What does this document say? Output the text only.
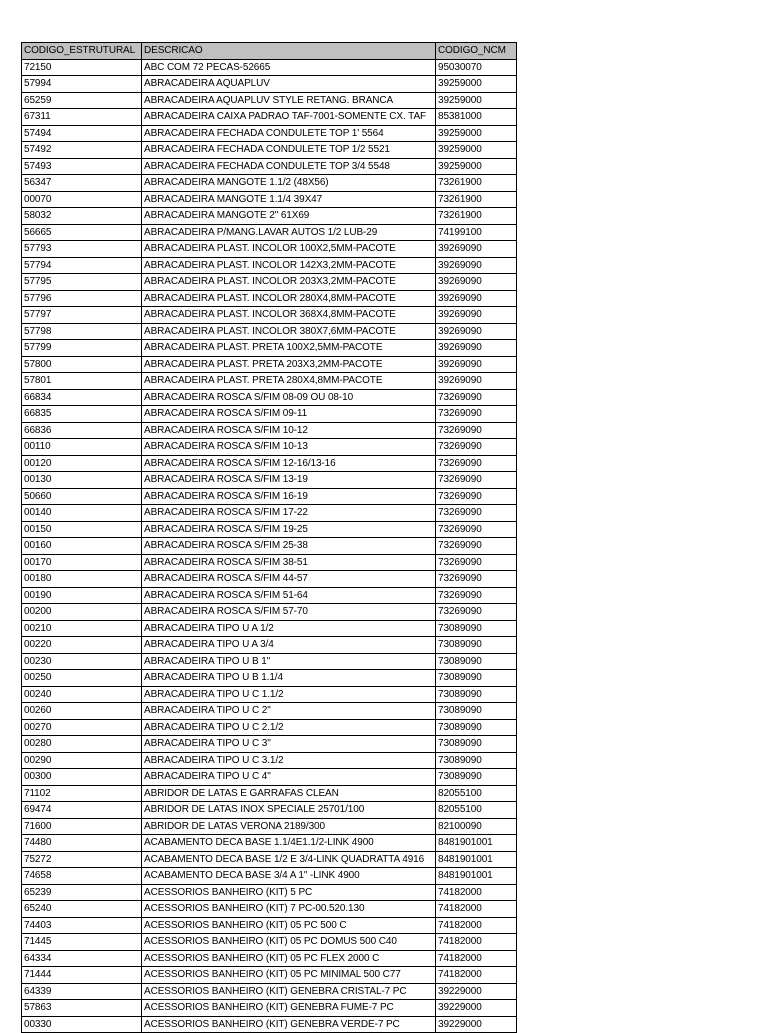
CODIGO_ESTRUTURAL	DESCRICAO	CODIGO_NCM
72150	ABC COM 72 PECAS-52665	95030070
57994	ABRACADEIRA AQUAPLUV	39259000
65259	ABRACADEIRA AQUAPLUV STYLE RETANG. BRANCA	39259000
67311	ABRACADEIRA CAIXA PADRAO TAF-7001-SOMENTE CX. TAF	85381000
57494	ABRACADEIRA FECHADA CONDULETE TOP 1' 5564	39259000
57492	ABRACADEIRA FECHADA CONDULETE TOP 1/2 5521	39259000
57493	ABRACADEIRA FECHADA CONDULETE TOP 3/4 5548	39259000
56347	ABRACADEIRA MANGOTE 1.1/2 (48X56)	73261900
00070	ABRACADEIRA MANGOTE 1.1/4 39X47	73261900
58032	ABRACADEIRA MANGOTE 2" 61X69	73261900
56665	ABRACADEIRA P/MANG.LAVAR AUTOS 1/2 LUB-29	74199100
57793	ABRACADEIRA PLAST. INCOLOR 100X2,5MM-PACOTE	39269090
57794	ABRACADEIRA PLAST. INCOLOR 142X3,2MM-PACOTE	39269090
57795	ABRACADEIRA PLAST. INCOLOR 203X3,2MM-PACOTE	39269090
57796	ABRACADEIRA PLAST. INCOLOR 280X4,8MM-PACOTE	39269090
57797	ABRACADEIRA PLAST. INCOLOR 368X4,8MM-PACOTE	39269090
57798	ABRACADEIRA PLAST. INCOLOR 380X7,6MM-PACOTE	39269090
57799	ABRACADEIRA PLAST. PRETA 100X2,5MM-PACOTE	39269090
57800	ABRACADEIRA PLAST. PRETA 203X3,2MM-PACOTE	39269090
57801	ABRACADEIRA PLAST. PRETA 280X4,8MM-PACOTE	39269090
66834	ABRACADEIRA ROSCA S/FIM 08-09 OU 08-10	73269090
66835	ABRACADEIRA ROSCA S/FIM 09-11	73269090
66836	ABRACADEIRA ROSCA S/FIM 10-12	73269090
00110	ABRACADEIRA ROSCA S/FIM 10-13	73269090
00120	ABRACADEIRA ROSCA S/FIM 12-16/13-16	73269090
00130	ABRACADEIRA ROSCA S/FIM 13-19	73269090
50660	ABRACADEIRA ROSCA S/FIM 16-19	73269090
00140	ABRACADEIRA ROSCA S/FIM 17-22	73269090
00150	ABRACADEIRA ROSCA S/FIM 19-25	73269090
00160	ABRACADEIRA ROSCA S/FIM 25-38	73269090
00170	ABRACADEIRA ROSCA S/FIM 38-51	73269090
00180	ABRACADEIRA ROSCA S/FIM 44-57	73269090
00190	ABRACADEIRA ROSCA S/FIM 51-64	73269090
00200	ABRACADEIRA ROSCA S/FIM 57-70	73269090
00210	ABRACADEIRA TIPO U A 1/2	73089090
00220	ABRACADEIRA TIPO U A 3/4	73089090
00230	ABRACADEIRA TIPO U B 1"	73089090
00250	ABRACADEIRA TIPO U B 1.1/4	73089090
00240	ABRACADEIRA TIPO U C 1.1/2	73089090
00260	ABRACADEIRA TIPO U C 2"	73089090
00270	ABRACADEIRA TIPO U C 2.1/2	73089090
00280	ABRACADEIRA TIPO U C 3"	73089090
00290	ABRACADEIRA TIPO U C 3.1/2	73089090
00300	ABRACADEIRA TIPO U C 4"	73089090
71102	ABRIDOR DE LATAS E GARRAFAS CLEAN	82055100
69474	ABRIDOR DE LATAS INOX SPECIALE 25701/100	82055100
71600	ABRIDOR DE LATAS VERONA 2189/300	82100090
74480	ACABAMENTO DECA BASE 1.1/4E1.1/2-LINK 4900	8481901001
75272	ACABAMENTO DECA BASE 1/2 E 3/4-LINK QUADRATTA 4916	8481901001
74658	ACABAMENTO DECA BASE 3/4 A 1" -LINK 4900	8481901001
65239	ACESSORIOS BANHEIRO (KIT) 5 PC	74182000
65240	ACESSORIOS BANHEIRO (KIT) 7 PC-00.520.130	74182000
74403	ACESSORIOS BANHEIRO (KIT) 05 PC 500 C	74182000
71445	ACESSORIOS BANHEIRO (KIT) 05 PC DOMUS 500 C40	74182000
64334	ACESSORIOS BANHEIRO (KIT) 05 PC FLEX 2000 C	74182000
71444	ACESSORIOS BANHEIRO (KIT) 05 PC MINIMAL 500 C77	74182000
64339	ACESSORIOS BANHEIRO (KIT) GENEBRA CRISTAL-7 PC	39229000
57863	ACESSORIOS BANHEIRO (KIT) GENEBRA FUME-7 PC	39229000
00330	ACESSORIOS BANHEIRO (KIT) GENEBRA VERDE-7 PC	39229000
